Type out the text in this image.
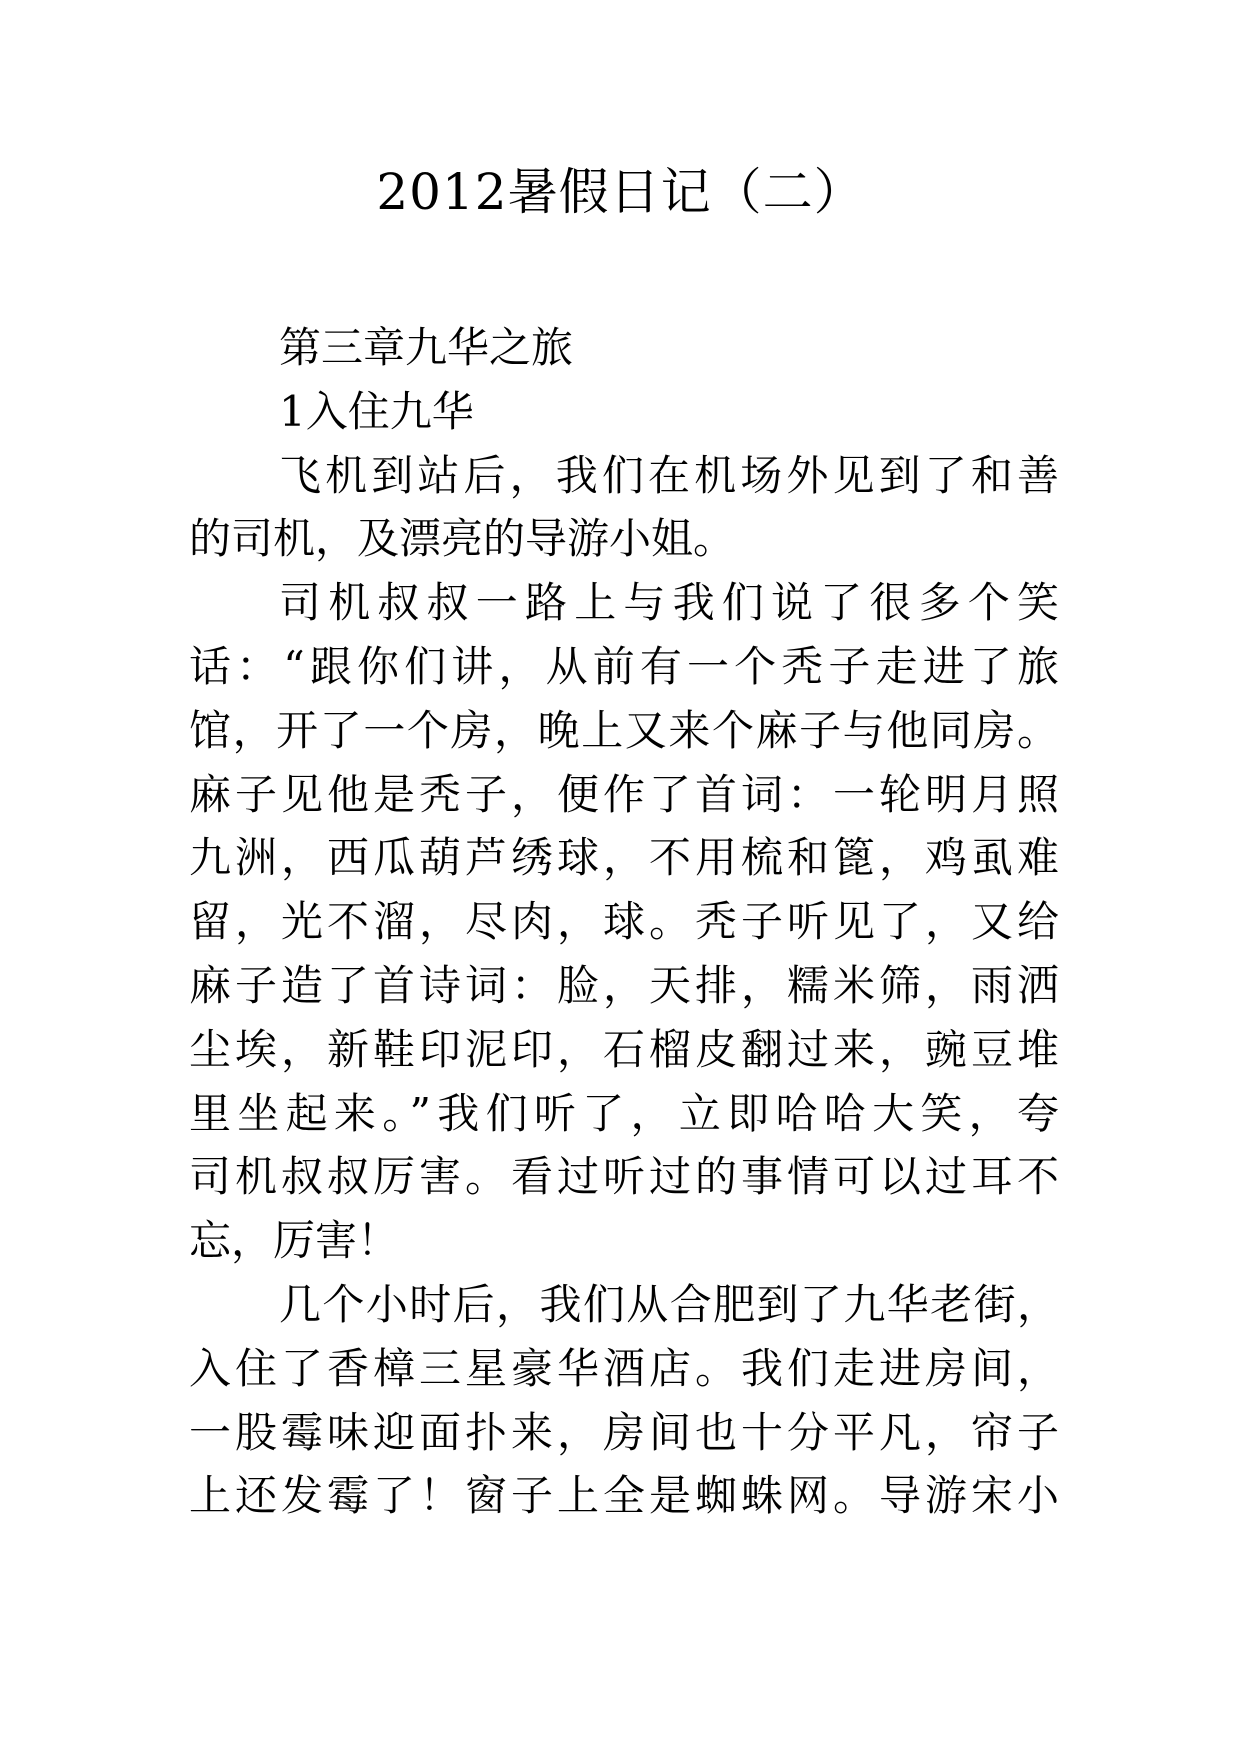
2012暑假日记（二）
第三章九华之旅
1入住九华
飞机到站后，我们在机场外见到了和善
的司机，及漂亮的导游小姐。
司机叔叔一路上与我们说了很多个笑
话：“跟你们讲，从前有一个秃子走进了旅
馆，开了一个房，晚上又来个麻子与他同房。
麻子见他是秃子，便作了首词：一轮明月照
九洲，西瓜葫芦绣球，不用梳和篦，鸡虱难
留，光不溜，尽肉，球。秃子听见了，又给
麻子造了首诗词：脸，天排，糯米筛，雨洒
尘埃，新鞋印泥印，石榴皮翻过来，豌豆堆
里坐起来。”我们听了，立即哈哈大笑，夸
司机叔叔厉害。看过听过的事情可以过耳不
忘，厉害！
几个小时后，我们从合肥到了九华老街，
入住了香樟三星豪华酒店。我们走进房间，
一股霉味迎面扑来，房间也十分平凡，帘子
上还发霉了！窗子上全是蜘蛛网。导游宋小
